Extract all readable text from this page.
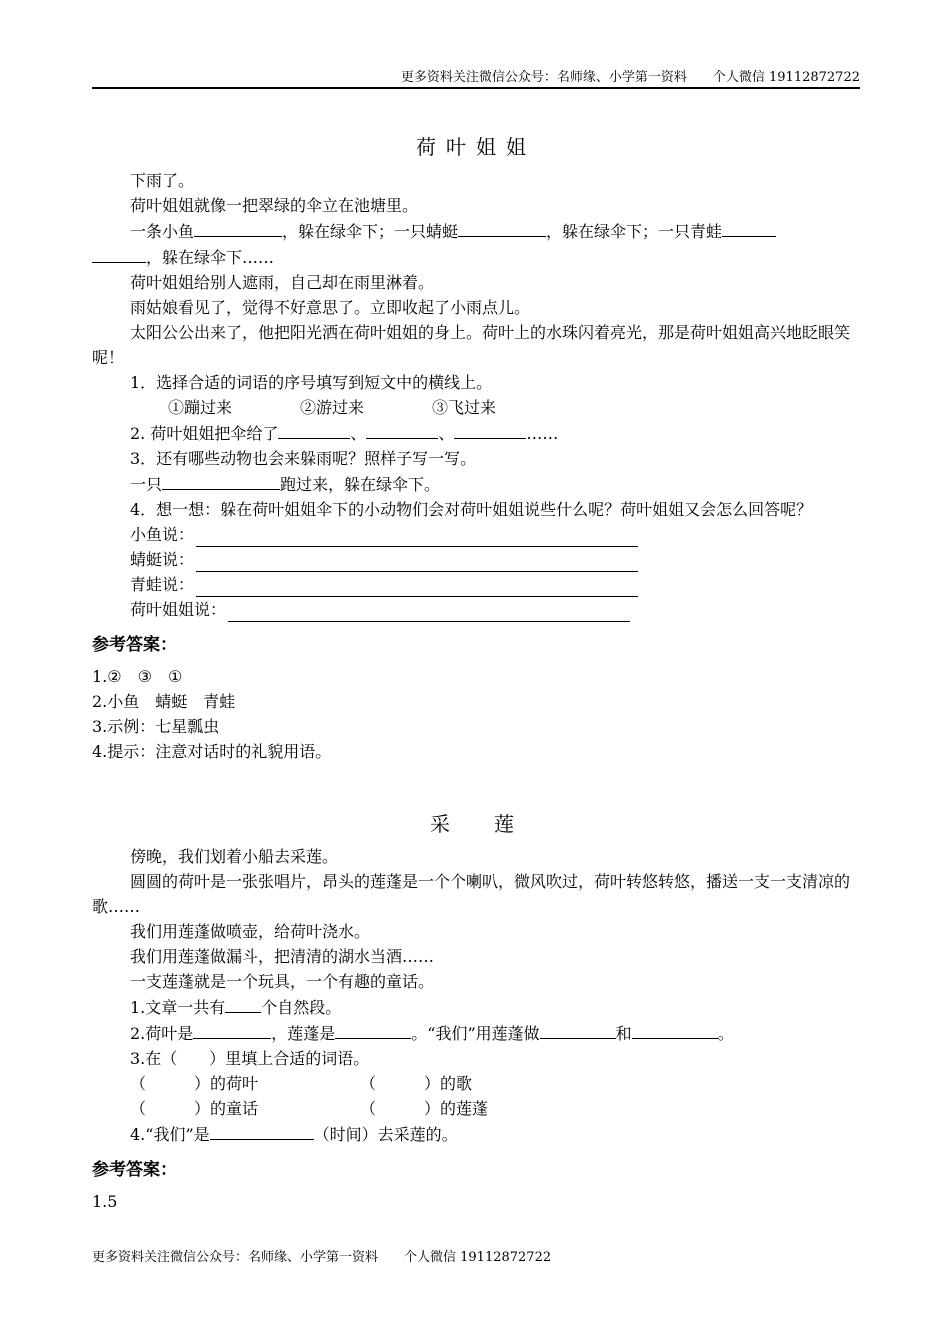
更多资料关注微信公众号：名师缘、小学第一资料　　个人微信 19112872722
荷叶姐姐

下雨了。

荷叶姐姐就像一把翠绿的伞立在池塘里。

一条小鱼	，躲在绿伞下；一只蜻蜓	，躲在绿伞下；一只青蛙
，躲在绿伞下……

荷叶姐姐给别人遮雨，自己却在雨里淋着。

雨姑娘看见了，觉得不好意思了。立即收起了小雨点儿。

太阳公公出来了，他把阳光洒在荷叶姐姐的身上。荷叶上的水珠闪着亮光，那是荷叶姐姐高兴地眨眼笑呢！

1．选择合适的词语的序号填写到短文中的横线上。

①蹦过来	②游过来	③飞过来

2. 荷叶姐姐把伞给了	、	、	……

3．还有哪些动物也会来躲雨呢？照样子写一写。

一只	跑过来，躲在绿伞下。

4．想一想：躲在荷叶姐姐伞下的小动物们会对荷叶姐姐说些什么呢？荷叶姐姐又会怎么回答呢？

小鱼说：
蜻蜓说：
青蛙说：
荷叶姐姐说：
参考答案：

1.②　③　①

2.小鱼　蜻蜓　青蛙

3.示例：七星瓢虫

4.提示：注意对话时的礼貌用语。

采莲

傍晚，我们划着小船去采莲。

圆圆的荷叶是一张张唱片，昂头的莲蓬是一个个喇叭，微风吹过，荷叶转悠转悠，播送一支一支清凉的歌……

我们用莲蓬做喷壶，给荷叶浇水。

我们用莲蓬做漏斗，把清清的湖水当酒……

一支莲蓬就是一个玩具，一个有趣的童话。

1.文章一共有 个自然段。

2.荷叶是	，莲蓬是	。“我们”用莲蓬做	和	。

3.在（　　）里填上合适的词语。

（　　　）的荷叶	（　　　）的歌
（　　　）的童话	（　　　）的莲蓬

4.“我们”是	（时间）去采莲的。

参考答案：

1.5

更多资料关注微信公众号：名师缘、小学第一资料　　个人微信 19112872722
